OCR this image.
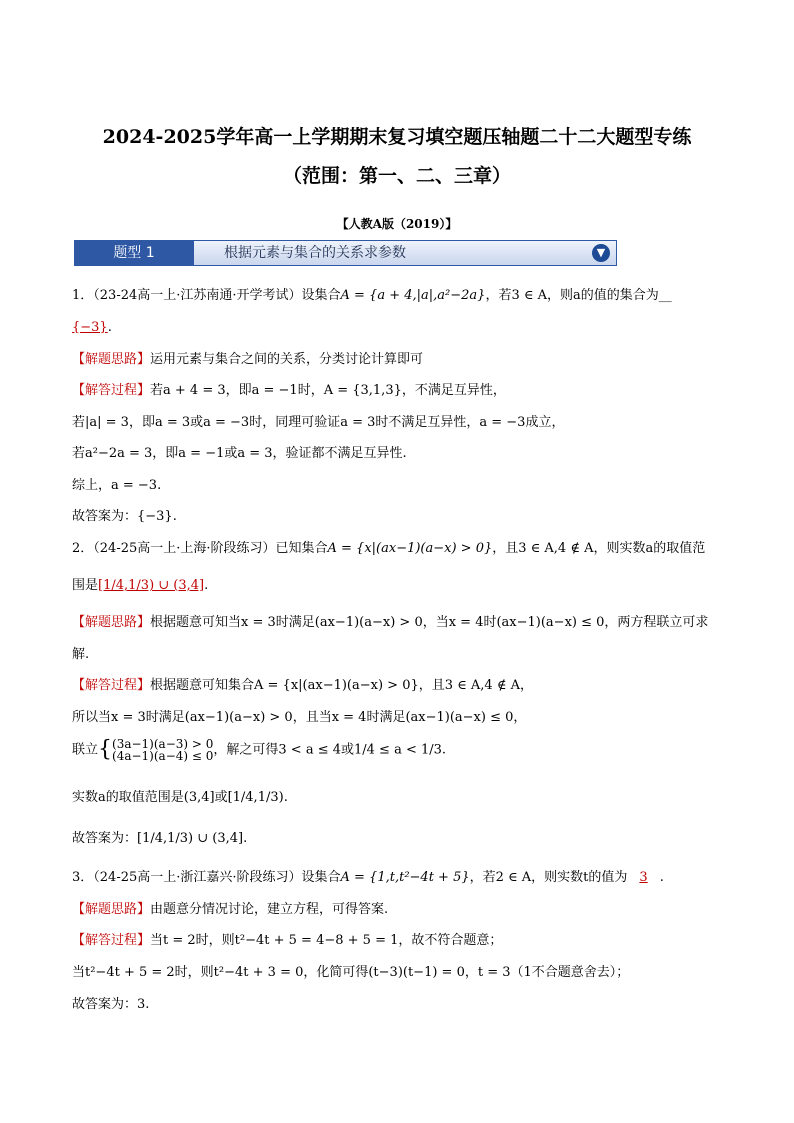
2024-2025学年高一上学期期末复习填空题压轴题二十二大题型专练
（范围：第一、二、三章）
【人教A版（2019）】
题型 1	根据元素与集合的关系求参数	▼
1．（23-24高一上·江苏南通·开学考试）设集合A = {a + 4,|a|,a²−2a}，若3 ∈ A，则a的值的集合为__
{−3}.
【解题思路】运用元素与集合之间的关系，分类讨论计算即可
【解答过程】若a + 4 = 3，即a = −1时，A = {3,1,3}，不满足互异性，
若|a| = 3，即a = 3或a = −3时，同理可验证a = 3时不满足互异性，a = −3成立，
若a²−2a = 3，即a = −1或a = 3，验证都不满足互异性.
综上，a = −3.
故答案为：{−3}.
2．（24-25高一上·上海·阶段练习）已知集合A = {x|(ax−1)(a−x) > 0}，且3 ∈ A,4 ∉ A，则实数a的取值范
围是[1/4,1/3) ∪ (3,4].
【解题思路】根据题意可知当x = 3时满足(ax−1)(a−x) > 0，当x = 4时(ax−1)(a−x) ≤ 0，两方程联立可求
解.
【解答过程】根据题意可知集合A = {x|(ax−1)(a−x) > 0}，且3 ∈ A,4 ∉ A，
所以当x = 3时满足(ax−1)(a−x) > 0，且当x = 4时满足(ax−1)(a−x) ≤ 0，
联立{(3a−1)(a−3) > 0
(4a−1)(a−4) ≤ 0，解之可得3 < a ≤ 4或1/4 ≤ a < 1/3.
实数a的取值范围是(3,4]或[1/4,1/3).
故答案为：[1/4,1/3) ∪ (3,4].
3．（24-25高一上·浙江嘉兴·阶段练习）设集合A = {1,t,t²−4t + 5}，若2 ∈ A，则实数t的值为 3 .
【解题思路】由题意分情况讨论，建立方程，可得答案.
【解答过程】当t = 2时，则t²−4t + 5 = 4−8 + 5 = 1，故不符合题意；
当t²−4t + 5 = 2时，则t²−4t + 3 = 0，化简可得(t−3)(t−1) = 0，t = 3（1不合题意舍去）；
故答案为：3.
